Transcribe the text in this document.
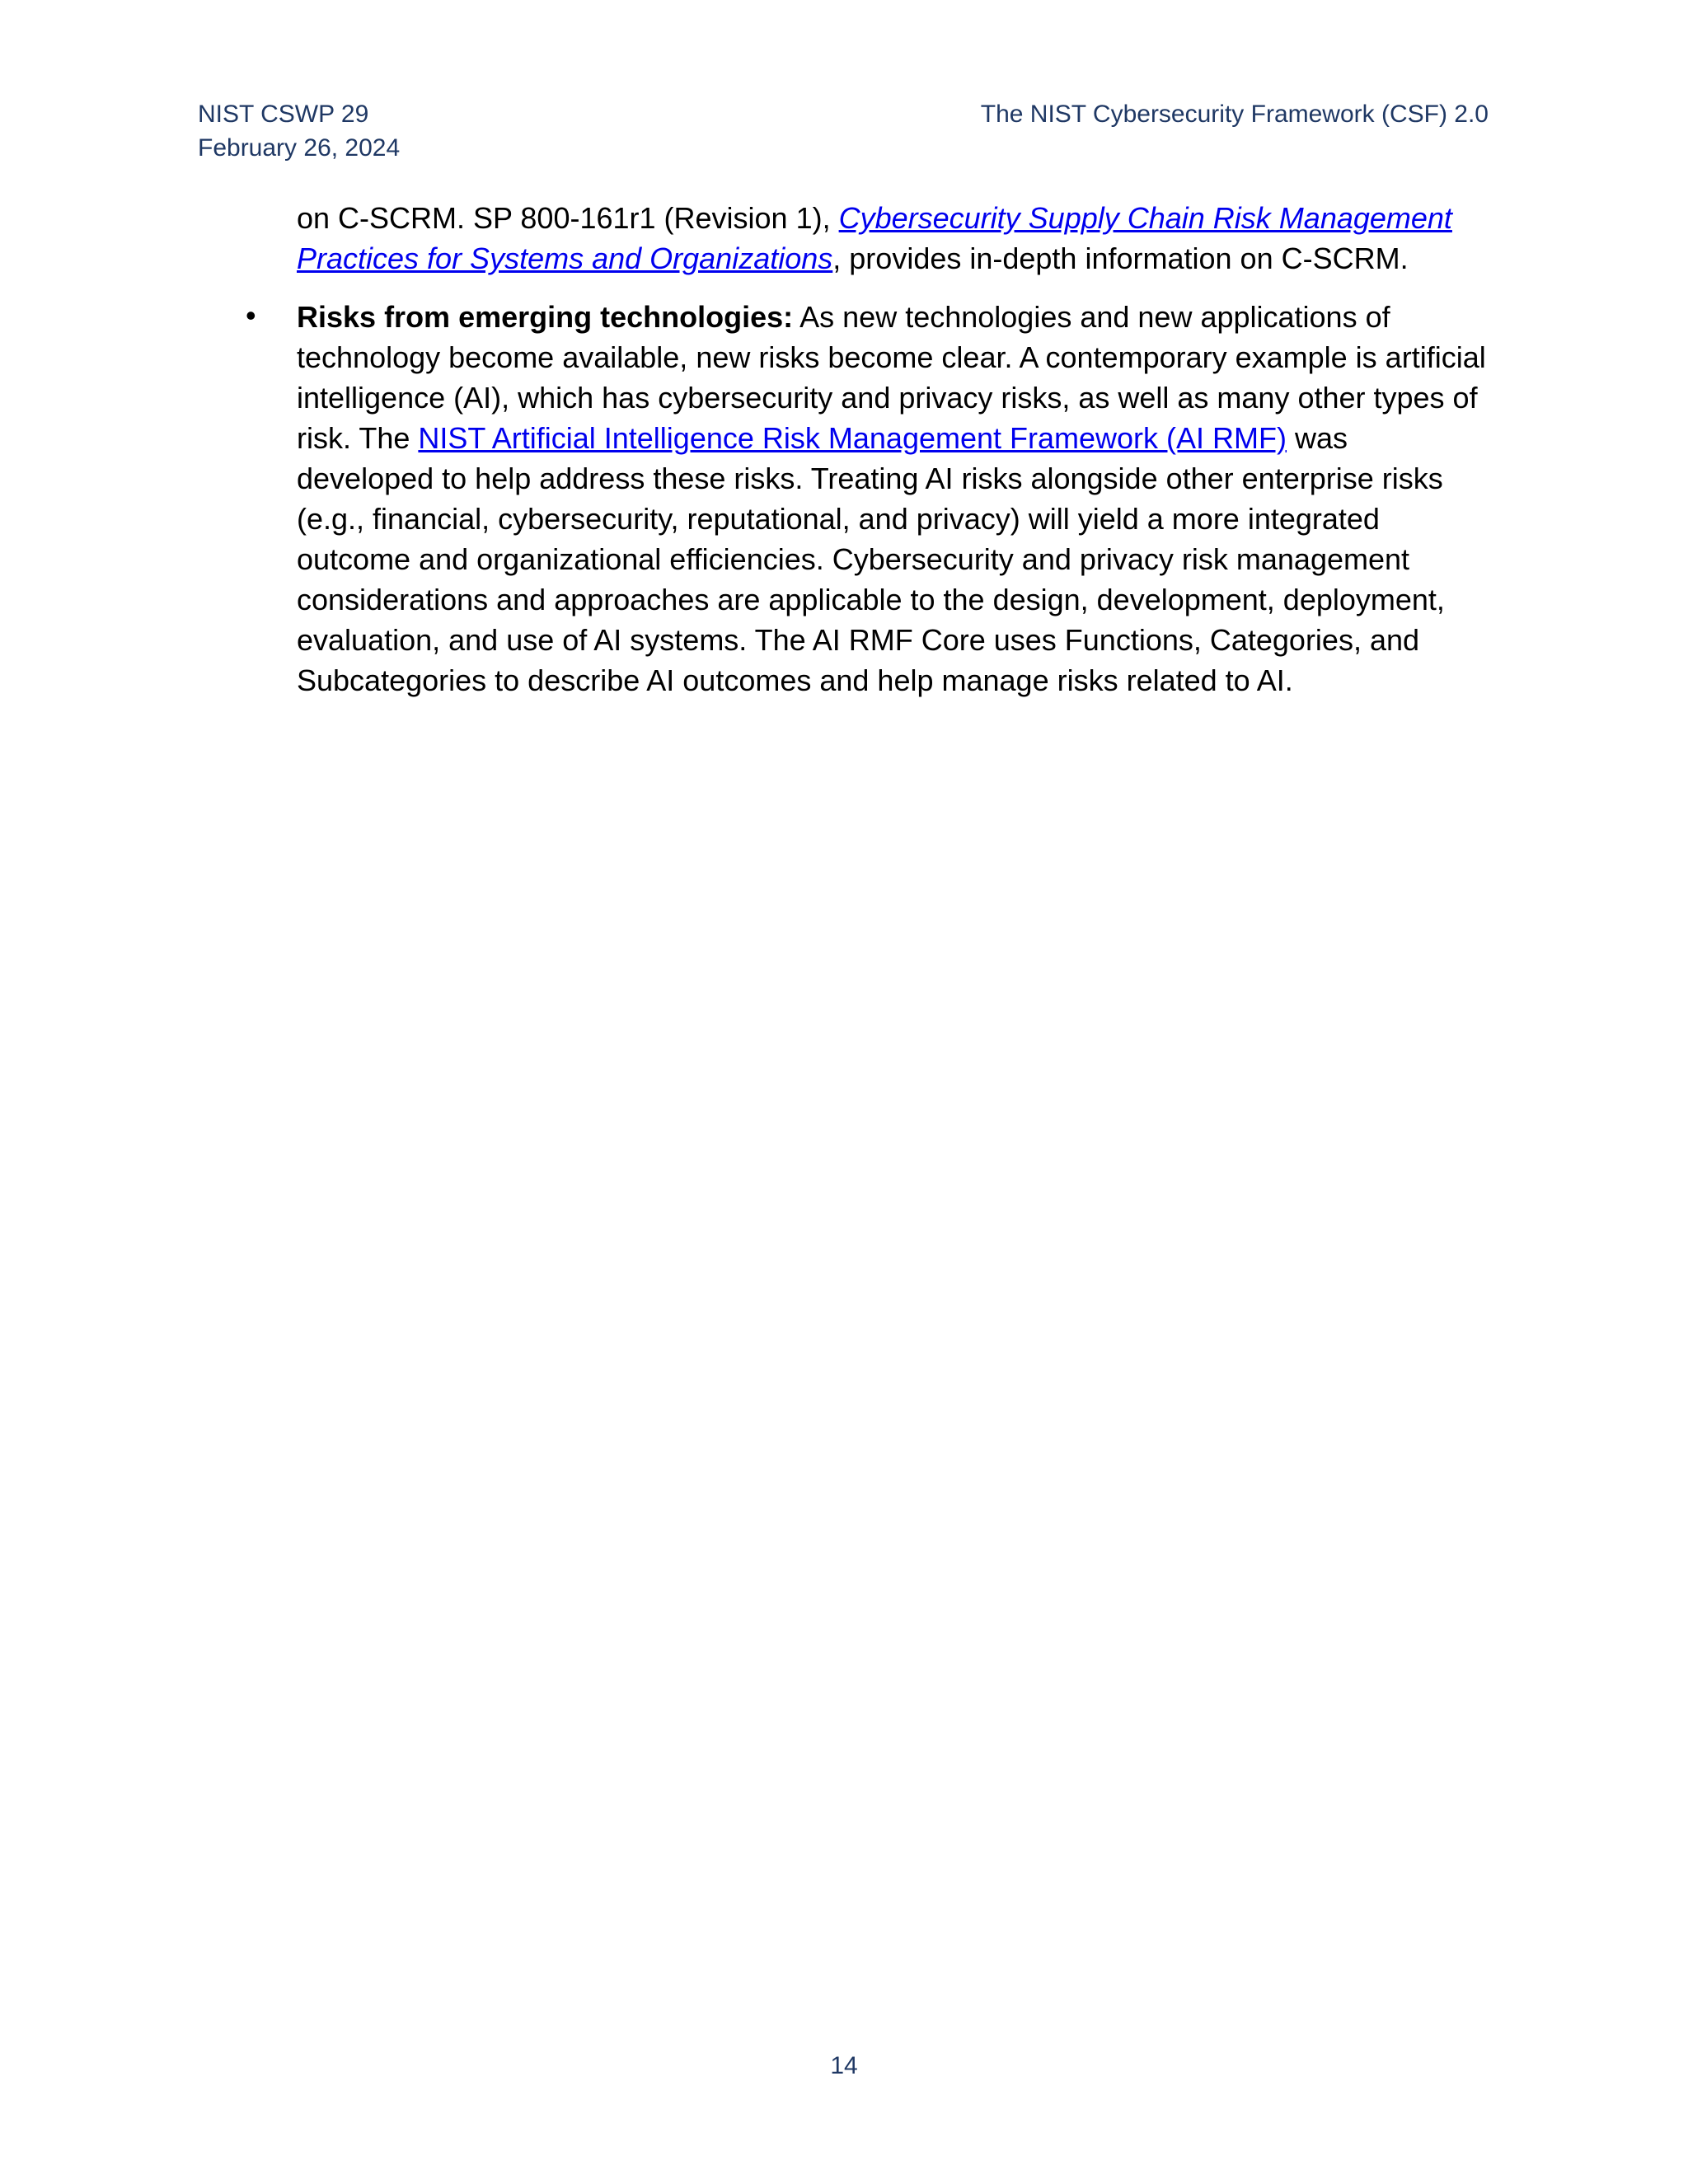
NIST CSWP 29
February 26, 2024
The NIST Cybersecurity Framework (CSF) 2.0
on C-SCRM. SP 800-161r1 (Revision 1), Cybersecurity Supply Chain Risk Management Practices for Systems and Organizations, provides in-depth information on C-SCRM.
• Risks from emerging technologies: As new technologies and new applications of technology become available, new risks become clear. A contemporary example is artificial intelligence (AI), which has cybersecurity and privacy risks, as well as many other types of risk. The NIST Artificial Intelligence Risk Management Framework (AI RMF) was developed to help address these risks. Treating AI risks alongside other enterprise risks (e.g., financial, cybersecurity, reputational, and privacy) will yield a more integrated outcome and organizational efficiencies. Cybersecurity and privacy risk management considerations and approaches are applicable to the design, development, deployment, evaluation, and use of AI systems. The AI RMF Core uses Functions, Categories, and Subcategories to describe AI outcomes and help manage risks related to AI.
14
